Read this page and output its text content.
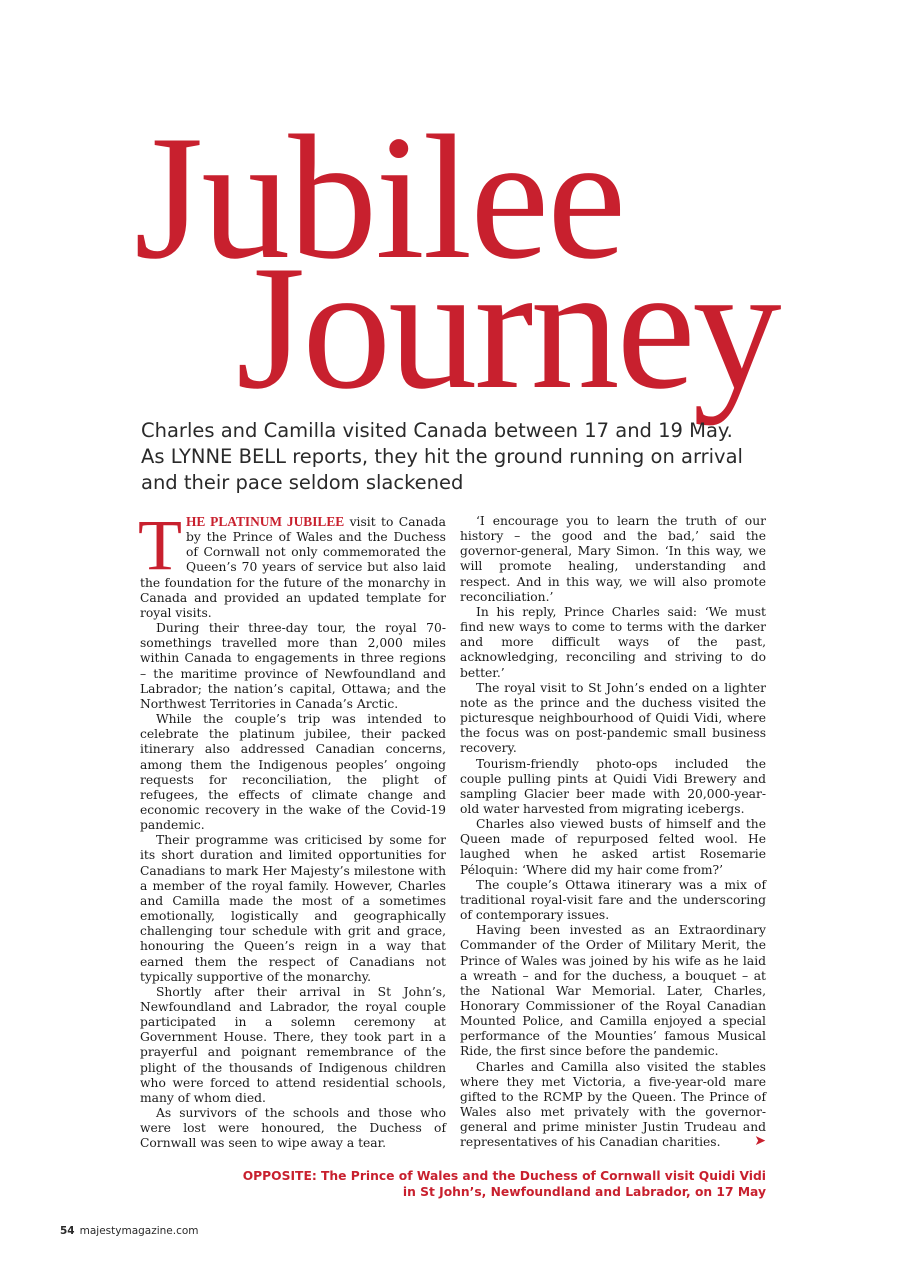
Jubilee
Journey

Charles and Camilla visited Canada between 17 and 19 May.
As LYNNE BELL reports, they hit the ground running on arrival
and their pace seldom slackened

THE PLATINUM JUBILEE visit to Canada by the Prince of Wales and the Duchess of Cornwall not only commemorated the Queen’s 70 years of service but also laid the foundation for the future of the monarchy in Canada and provided an updated template for royal visits.

During their three-day tour, the royal 70-somethings travelled more than 2,000 miles within Canada to engagements in three regions – the maritime province of Newfoundland and Labrador; the nation’s capital, Ottawa; and the Northwest Territories in Canada’s Arctic.

While the couple’s trip was intended to celebrate the platinum jubilee, their packed itinerary also addressed Canadian concerns, among them the Indigenous peoples’ ongoing requests for reconciliation, the plight of refugees, the effects of climate change and economic recovery in the wake of the Covid-19 pandemic.

Their programme was criticised by some for its short duration and limited opportunities for Canadians to mark Her Majesty’s milestone with a member of the royal family. However, Charles and Camilla made the most of a sometimes emotionally, logistically and geographically challenging tour schedule with grit and grace, honouring the Queen’s reign in a way that earned them the respect of Canadians not typically supportive of the monarchy.

Shortly after their arrival in St John’s, Newfoundland and Labrador, the royal couple participated in a solemn ceremony at Government House. There, they took part in a prayerful and poignant remembrance of the plight of the thousands of Indigenous children who were forced to attend residential schools, many of whom died.

As survivors of the schools and those who were lost were honoured, the Duchess of Cornwall was seen to wipe away a tear.

‘I encourage you to learn the truth of our history – the good and the bad,’ said the governor-general, Mary Simon. ‘In this way, we will promote healing, understanding and respect. And in this way, we will also promote reconciliation.’

In his reply, Prince Charles said: ‘We must find new ways to come to terms with the darker and more difficult ways of the past, acknowledging, reconciling and striving to do better.’

The royal visit to St John’s ended on a lighter note as the prince and the duchess visited the picturesque neighbourhood of Quidi Vidi, where the focus was on post-pandemic small business recovery.

Tourism-friendly photo-ops included the couple pulling pints at Quidi Vidi Brewery and sampling Glacier beer made with 20,000-year-old water harvested from migrating icebergs.

Charles also viewed busts of himself and the Queen made of repurposed felted wool. He laughed when he asked artist Rosemarie Péloquin: ‘Where did my hair come from?’

The couple’s Ottawa itinerary was a mix of traditional royal-visit fare and the underscoring of contemporary issues.

Having been invested as an Extraordinary Commander of the Order of Military Merit, the Prince of Wales was joined by his wife as he laid a wreath – and for the duchess, a bouquet – at the National War Memorial. Later, Charles, Honorary Commissioner of the Royal Canadian Mounted Police, and Camilla enjoyed a special performance of the Mounties’ famous Musical Ride, the first since before the pandemic.

Charles and Camilla also visited the stables where they met Victoria, a five-year-old mare gifted to the RCMP by the Queen. The Prince of Wales also met privately with the governor-general and prime minister Justin Trudeau and representatives of his Canadian charities.	➤

OPPOSITE: The Prince of Wales and the Duchess of Cornwall visit Quidi Vidi
in St John’s, Newfoundland and Labrador, on 17 May

54 majestymagazine.com
